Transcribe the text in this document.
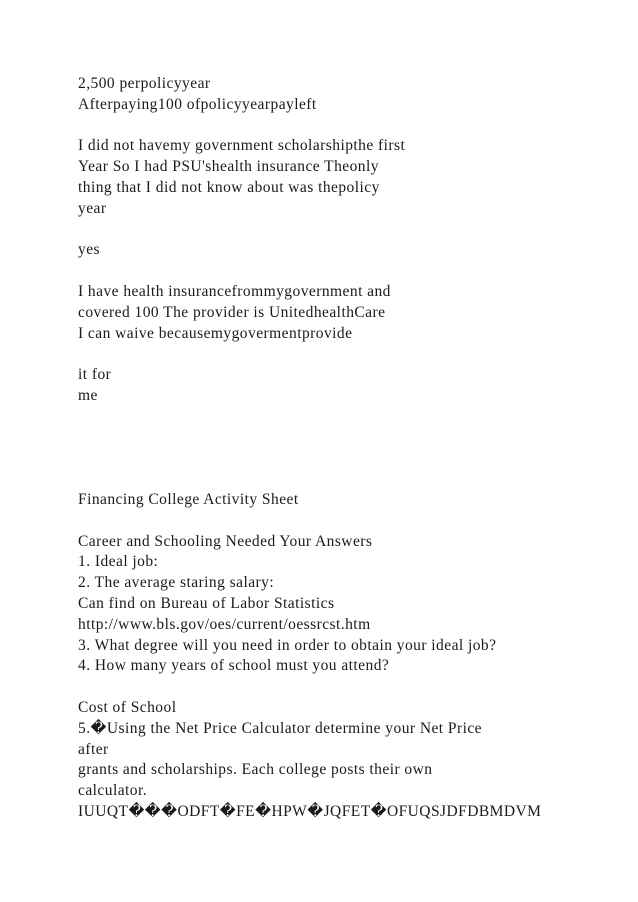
2,500 perpolicyyear
Afterpaying100 ofpolicyyearpayleft
I did not havemy government scholarshipthe first
Year So I had PSU'shealth insurance Theonly
thing that I did not know about was thepolicy
year
yes
I have health insurancefrommygovernment and
covered 100 The provider is UnitedhealthCare
I can waive becausemygovermentprovide
it for
me
Financing College Activity Sheet
Career and Schooling Needed Your Answers
1. Ideal job:
2. The average staring salary:
Can find on Bureau of Labor Statistics
http://www.bls.gov/oes/current/oessrcst.htm
3. What degree will you need in order to obtain your ideal job?
4. How many years of school must you attend?
Cost of School
5.�Using the Net Price Calculator determine your Net Price
after
grants and scholarships. Each college posts their own
calculator.
IUUQT���ODFT�FE�HPW�JQFET�OFUQSJDFDBMDVM
